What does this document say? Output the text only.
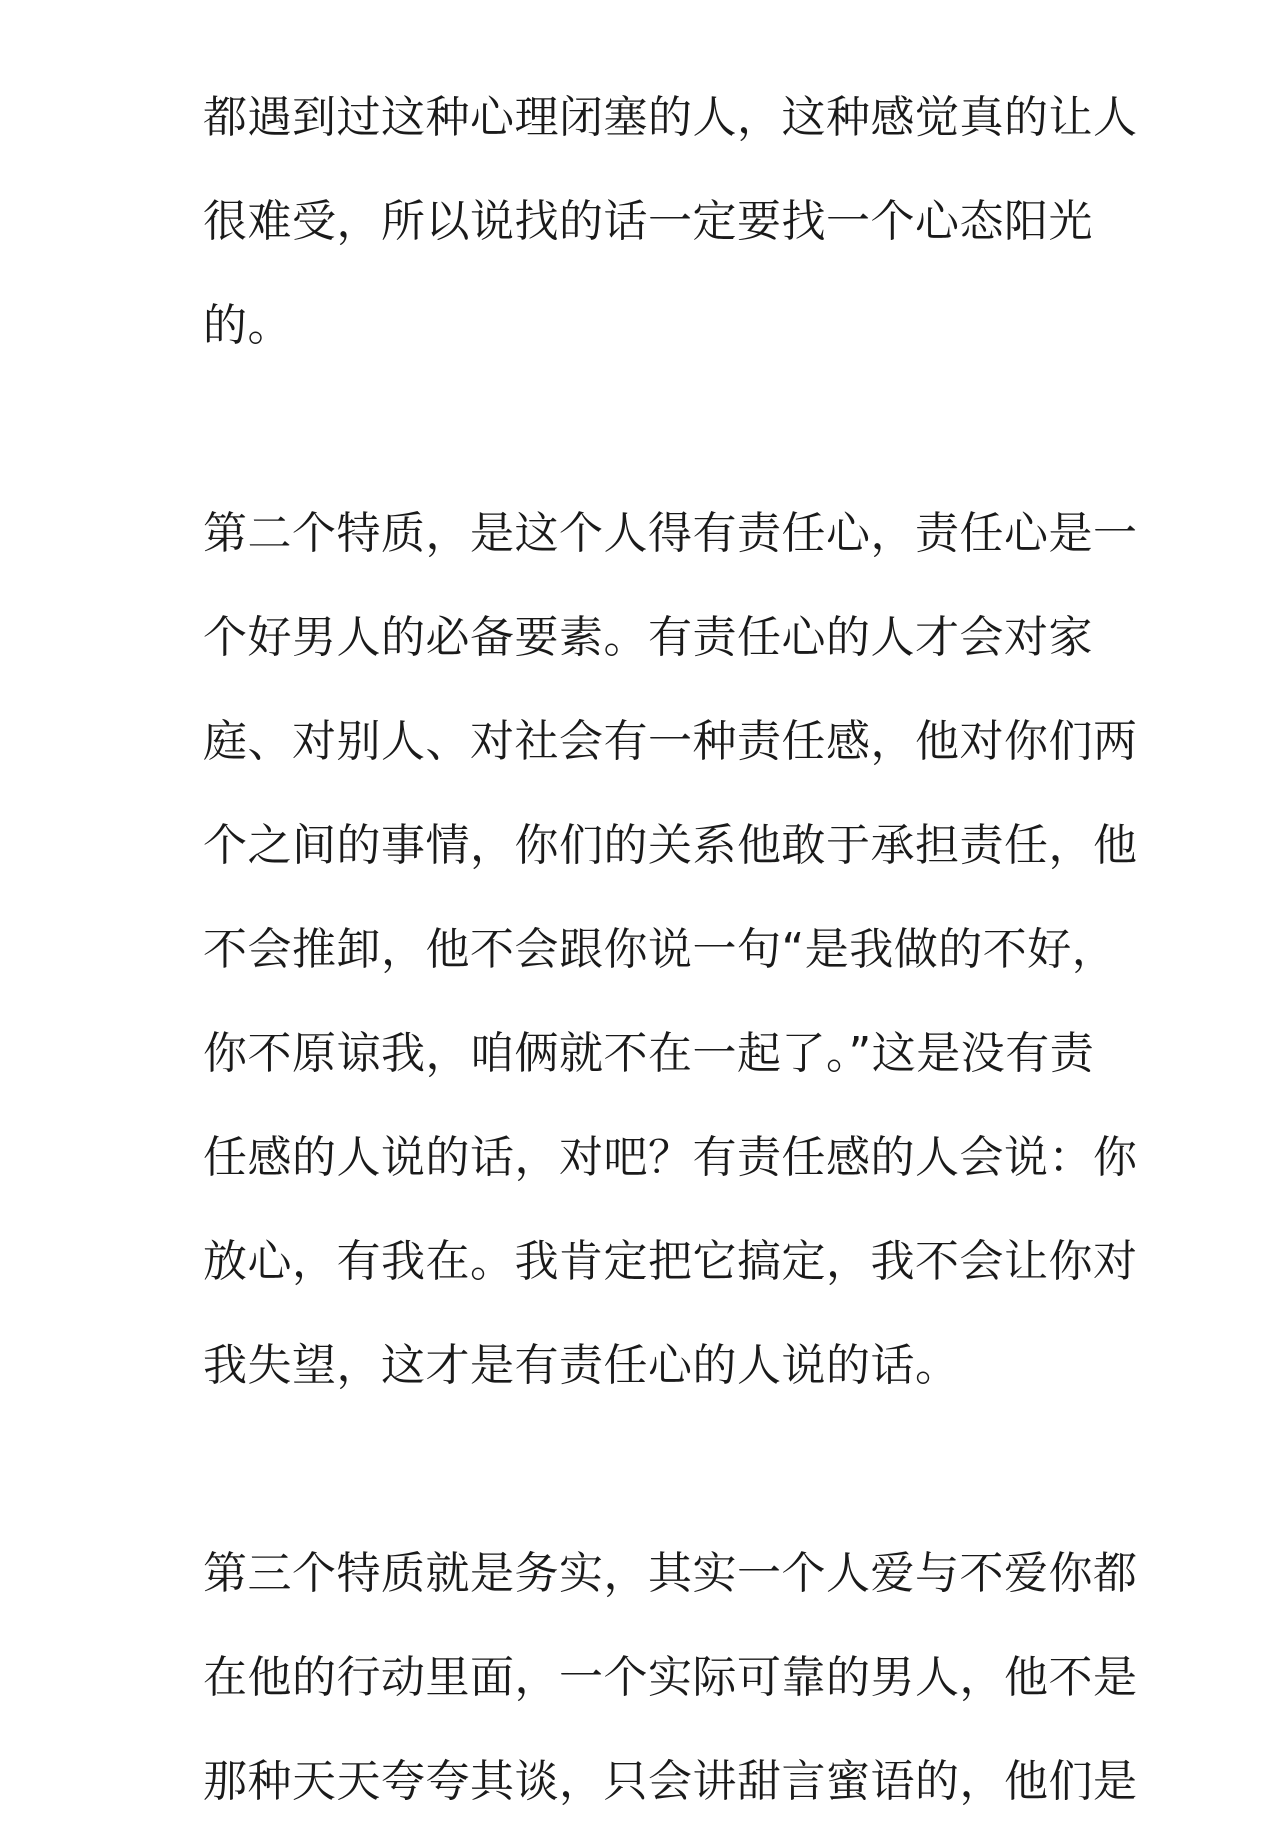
都遇到过这种心理闭塞的人，这种感觉真的让人
很难受，所以说找的话一定要找一个心态阳光
的。
第二个特质，是这个人得有责任心，责任心是一
个好男人的必备要素。有责任心的人才会对家
庭、对别人、对社会有一种责任感，他对你们两
个之间的事情，你们的关系他敢于承担责任，他
不会推卸，他不会跟你说一句“是我做的不好，
你不原谅我，咱俩就不在一起了。”这是没有责
任感的人说的话，对吧？有责任感的人会说：你
放心，有我在。我肯定把它搞定，我不会让你对
我失望，这才是有责任心的人说的话。
第三个特质就是务实，其实一个人爱与不爱你都
在他的行动里面，一个实际可靠的男人，他不是
那种天天夸夸其谈，只会讲甜言蜜语的，他们是
